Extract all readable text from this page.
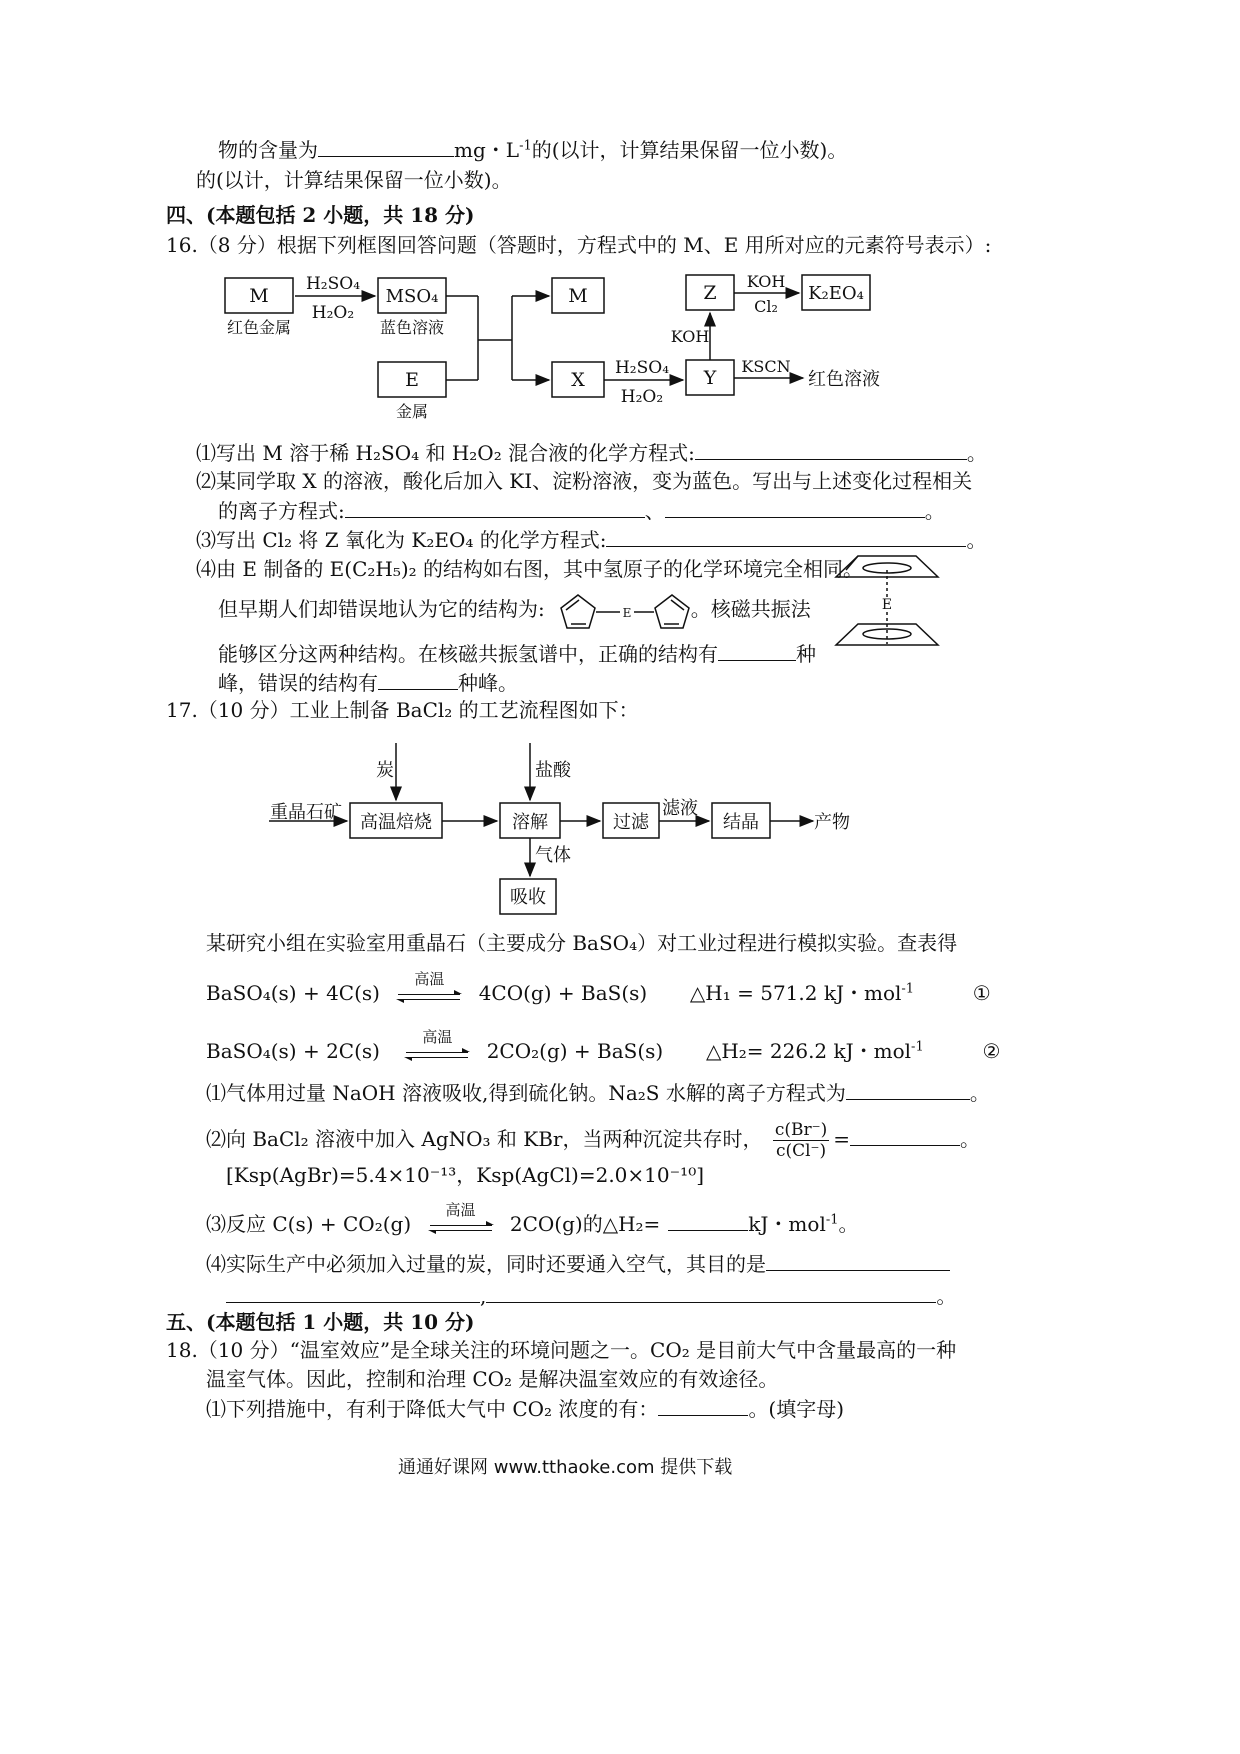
物的含量为	mg・$L^{-1}$的(以计，计算结果保留一位小数)。
的(以计，计算结果保留一位小数)。
四、(本题包括 2 小题，共 18 分)
16.（8 分）根据下列框图回答问题（答题时，方程式中的 M、E 用所对应的元素符号表示）:
M
红色金属
H₂SO₄
H₂O₂
MSO₄
蓝色溶液
E
金属
M
X
H₂SO₄
H₂O₂
Y
KOH
Z
KOH
Cl₂
K₂EO₄
KSCN
红色溶液
⑴写出 M 溶于稀 H₂SO₄ 和 H₂O₂ 混合液的化学方程式:	。
⑵某同学取 X 的溶液，酸化后加入 KI、淀粉溶液，变为蓝色。写出与上述变化过程相关
的离子方程式:	、	。
⑶写出 Cl₂ 将 Z 氧化为 K₂EO₄ 的化学方程式:	。
⑷由 E 制备的 E(C₂H₅)₂ 的结构如右图，其中氢原子的化学环境完全相同。
但早期人们却错误地认为它的结构为:	。核磁共振法
能够区分这两种结构。在核磁共振氢谱中，正确的结构有	种
峰，错误的结构有	种峰。
E	E
17.（10 分）工业上制备 BaCl₂ 的工艺流程图如下：
重晶石矿
炭
高温焙烧
盐酸
溶解
气体
吸收
过滤
滤液
结晶	产物
某研究小组在实验室用重晶石（主要成分 BaSO₄）对工业过程进行模拟实验。查表得
BaSO₄(s) + 4C(s)
高温
4CO(g) + BaS(s) △H₁ = 571.2 kJ・mol$^{-1}$	①
BaSO₄(s) + 2C(s)
高温
2CO₂(g) + BaS(s) △H₂= 226.2 kJ・mol$^{-1}$	②
⑴气体用过量 NaOH 溶液吸收,得到硫化钠。Na₂S 水解的离子方程式为	。
⑵向 BaCl₂ 溶液中加入 AgNO₃ 和 KBr，当两种沉淀共存时， $\frac{c(Br^-)}{c(Cl^-)}$ =	。
[Ksp(AgBr)=5.4×10⁻¹³，Ksp(AgCl)=2.0×10⁻¹⁰]
⑶反应 C(s) + CO₂(g)
高温
2CO(g)的△H₂=	kJ・mol$^{-1}$。
⑷实际生产中必须加入过量的炭，同时还要通入空气，其目的是
,	。
五、(本题包括 1 小题，共 10 分)
18.（10 分）“温室效应”是全球关注的环境问题之一。CO₂ 是目前大气中含量最高的一种
温室气体。因此，控制和治理 CO₂ 是解决温室效应的有效途径。
⑴下列措施中，有利于降低大气中 CO₂ 浓度的有：	。(填字母)
通通好课网 www.tthaoke.com 提供下载
